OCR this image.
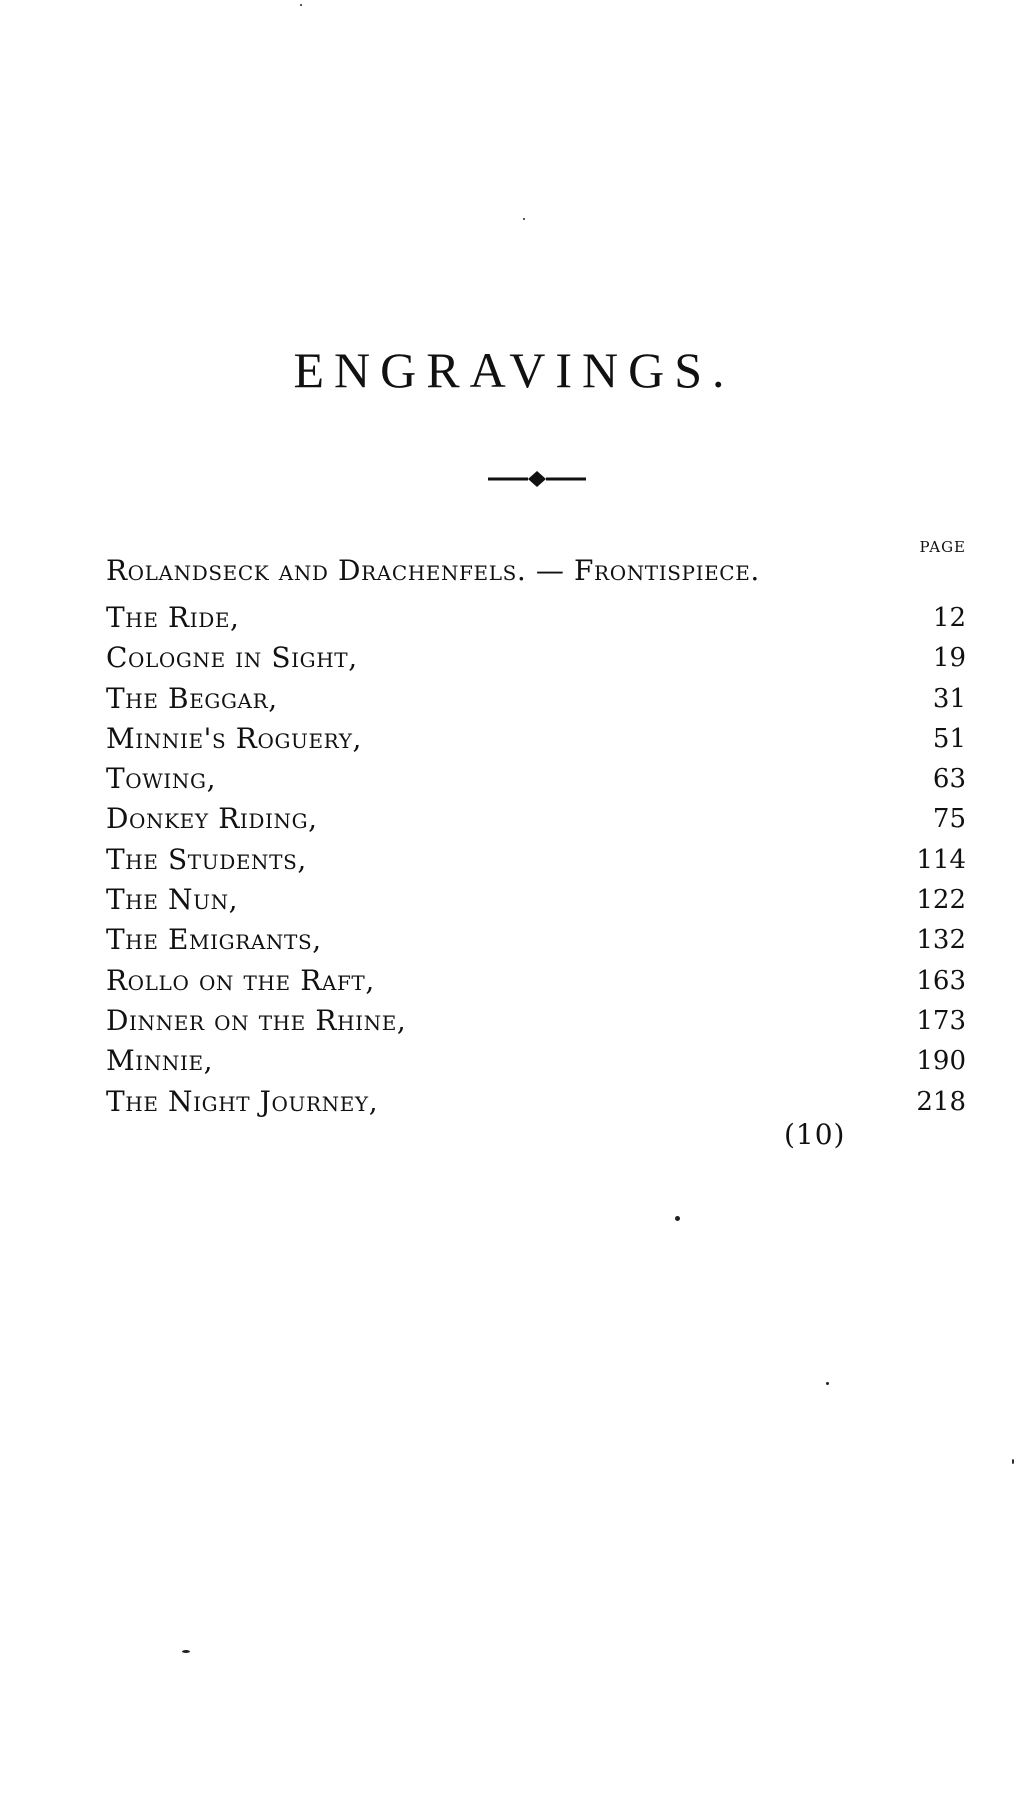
ENGRAVINGS.
PAGE
Rolandseck and Drachenfels. — Frontispiece.
The Ride,	12
Cologne in Sight,	19
The Beggar,	31
Minnie's Roguery,	51
Towing,	63
Donkey Riding,	75
The Students,	114
The Nun,	122
The Emigrants,	132
Rollo on the Raft,	163
Dinner on the Rhine,	173
Minnie,	190
The Night Journey,	218
(10)
